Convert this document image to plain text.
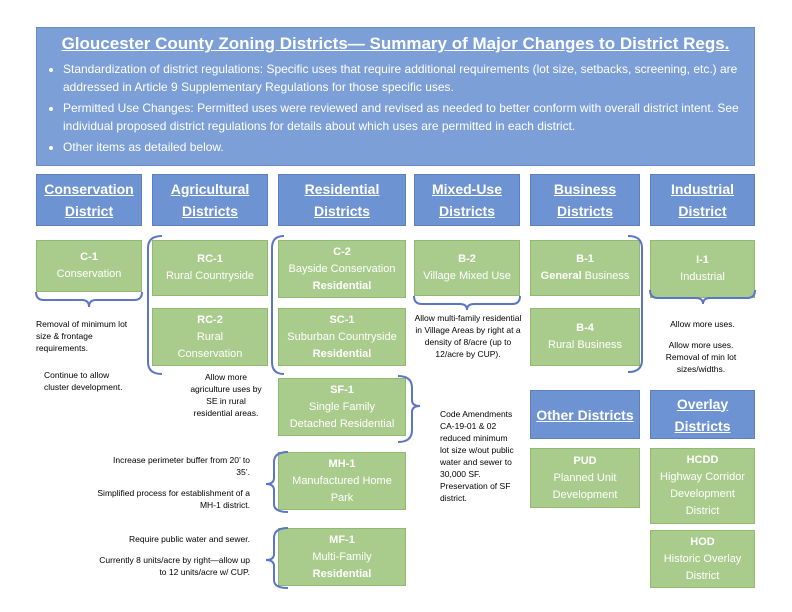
Gloucester County Zoning Districts— Summary of Major Changes to District Regs.
• Standardization of district regulations: Specific uses that require additional requirements (lot size, setbacks, screening, etc.) are addressed in Article 9 Supplementary Regulations for those specific uses.
• Permitted Use Changes: Permitted uses were reviewed and revised as needed to better conform with overall district intent. See individual proposed district regulations for details about which uses are permitted in each district.
• Other items as detailed below.
Conservation District
Agricultural Districts
Residential Districts
Mixed-Use Districts
Business Districts
Industrial District
Other Districts
Overlay Districts
C-1
Conservation
RC-1
Rural Countryside
RC-2
Rural
Conservation
C-2
Bayside Conservation
Residential
SC-1
Suburban Countryside
Residential
SF-1
Single Family
Detached Residential
MH-1
Manufactured Home
Park
MF-1
Multi-Family
Residential
B-2
Village Mixed Use
B-1
General Business
B-4
Rural Business
I-1
Industrial
PUD
Planned Unit
Development
HCDD
Highway Corridor
Development
District
HOD
Historic Overlay
District
Removal of minimum lot size & frontage requirements.
Continue to allow cluster development.
Allow more agriculture uses by SE in rural residential areas.
Allow multi-family residential in Village Areas by right at a density of 8/acre (up to 12/acre by CUP).
Allow more uses.
Allow more uses. Removal of min lot sizes/widths.
Code Amendments CA-19-01 & 02 reduced minimum lot size w/out public water and sewer to 30,000 SF. Preservation of SF district.
Increase perimeter buffer from 20’ to 35’.
Simplified process for establishment of a MH-1 district.
Require public water and sewer.
Currently 8 units/acre by right—allow up to 12 units/acre w/ CUP.
